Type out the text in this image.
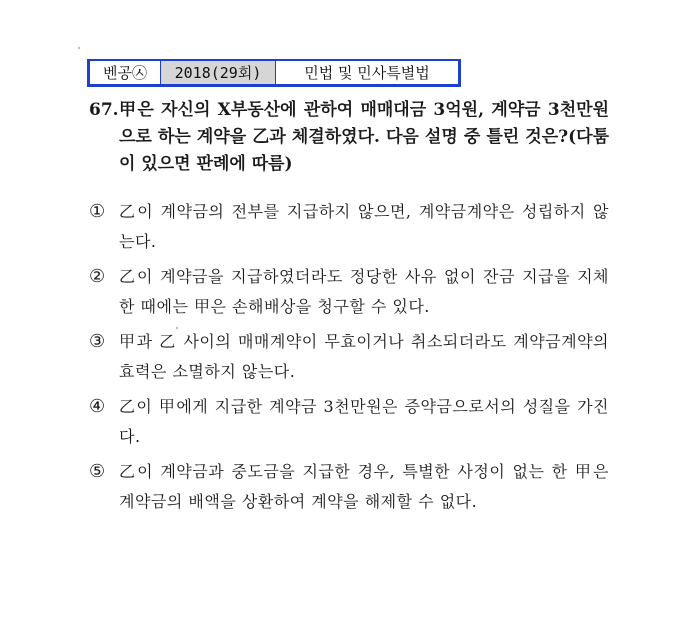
벤공㉦	2018(29회)	민법 및 민사특별법
67. 甲은 자신의 X부동산에 관하여 매매대금 3억원, 계약금 3천만원으로 하는 계약을 乙과 체결하였다. 다음 설명 중 틀린 것은?(다툼이 있으면 판례에 따름)
① 乙이 계약금의 전부를 지급하지 않으면, 계약금계약은 성립하지 않는다.
② 乙이 계약금을 지급하였더라도 정당한 사유 없이 잔금 지급을 지체한 때에는 甲은 손해배상을 청구할 수 있다.
③ 甲과 乙 사이의 매매계약이 무효이거나 취소되더라도 계약금계약의 효력은 소멸하지 않는다.
④ 乙이 甲에게 지급한 계약금 3천만원은 증약금으로서의 성질을 가진다.
⑤ 乙이 계약금과 중도금을 지급한 경우, 특별한 사정이 없는 한 甲은 계약금의 배액을 상환하여 계약을 해제할 수 없다.
